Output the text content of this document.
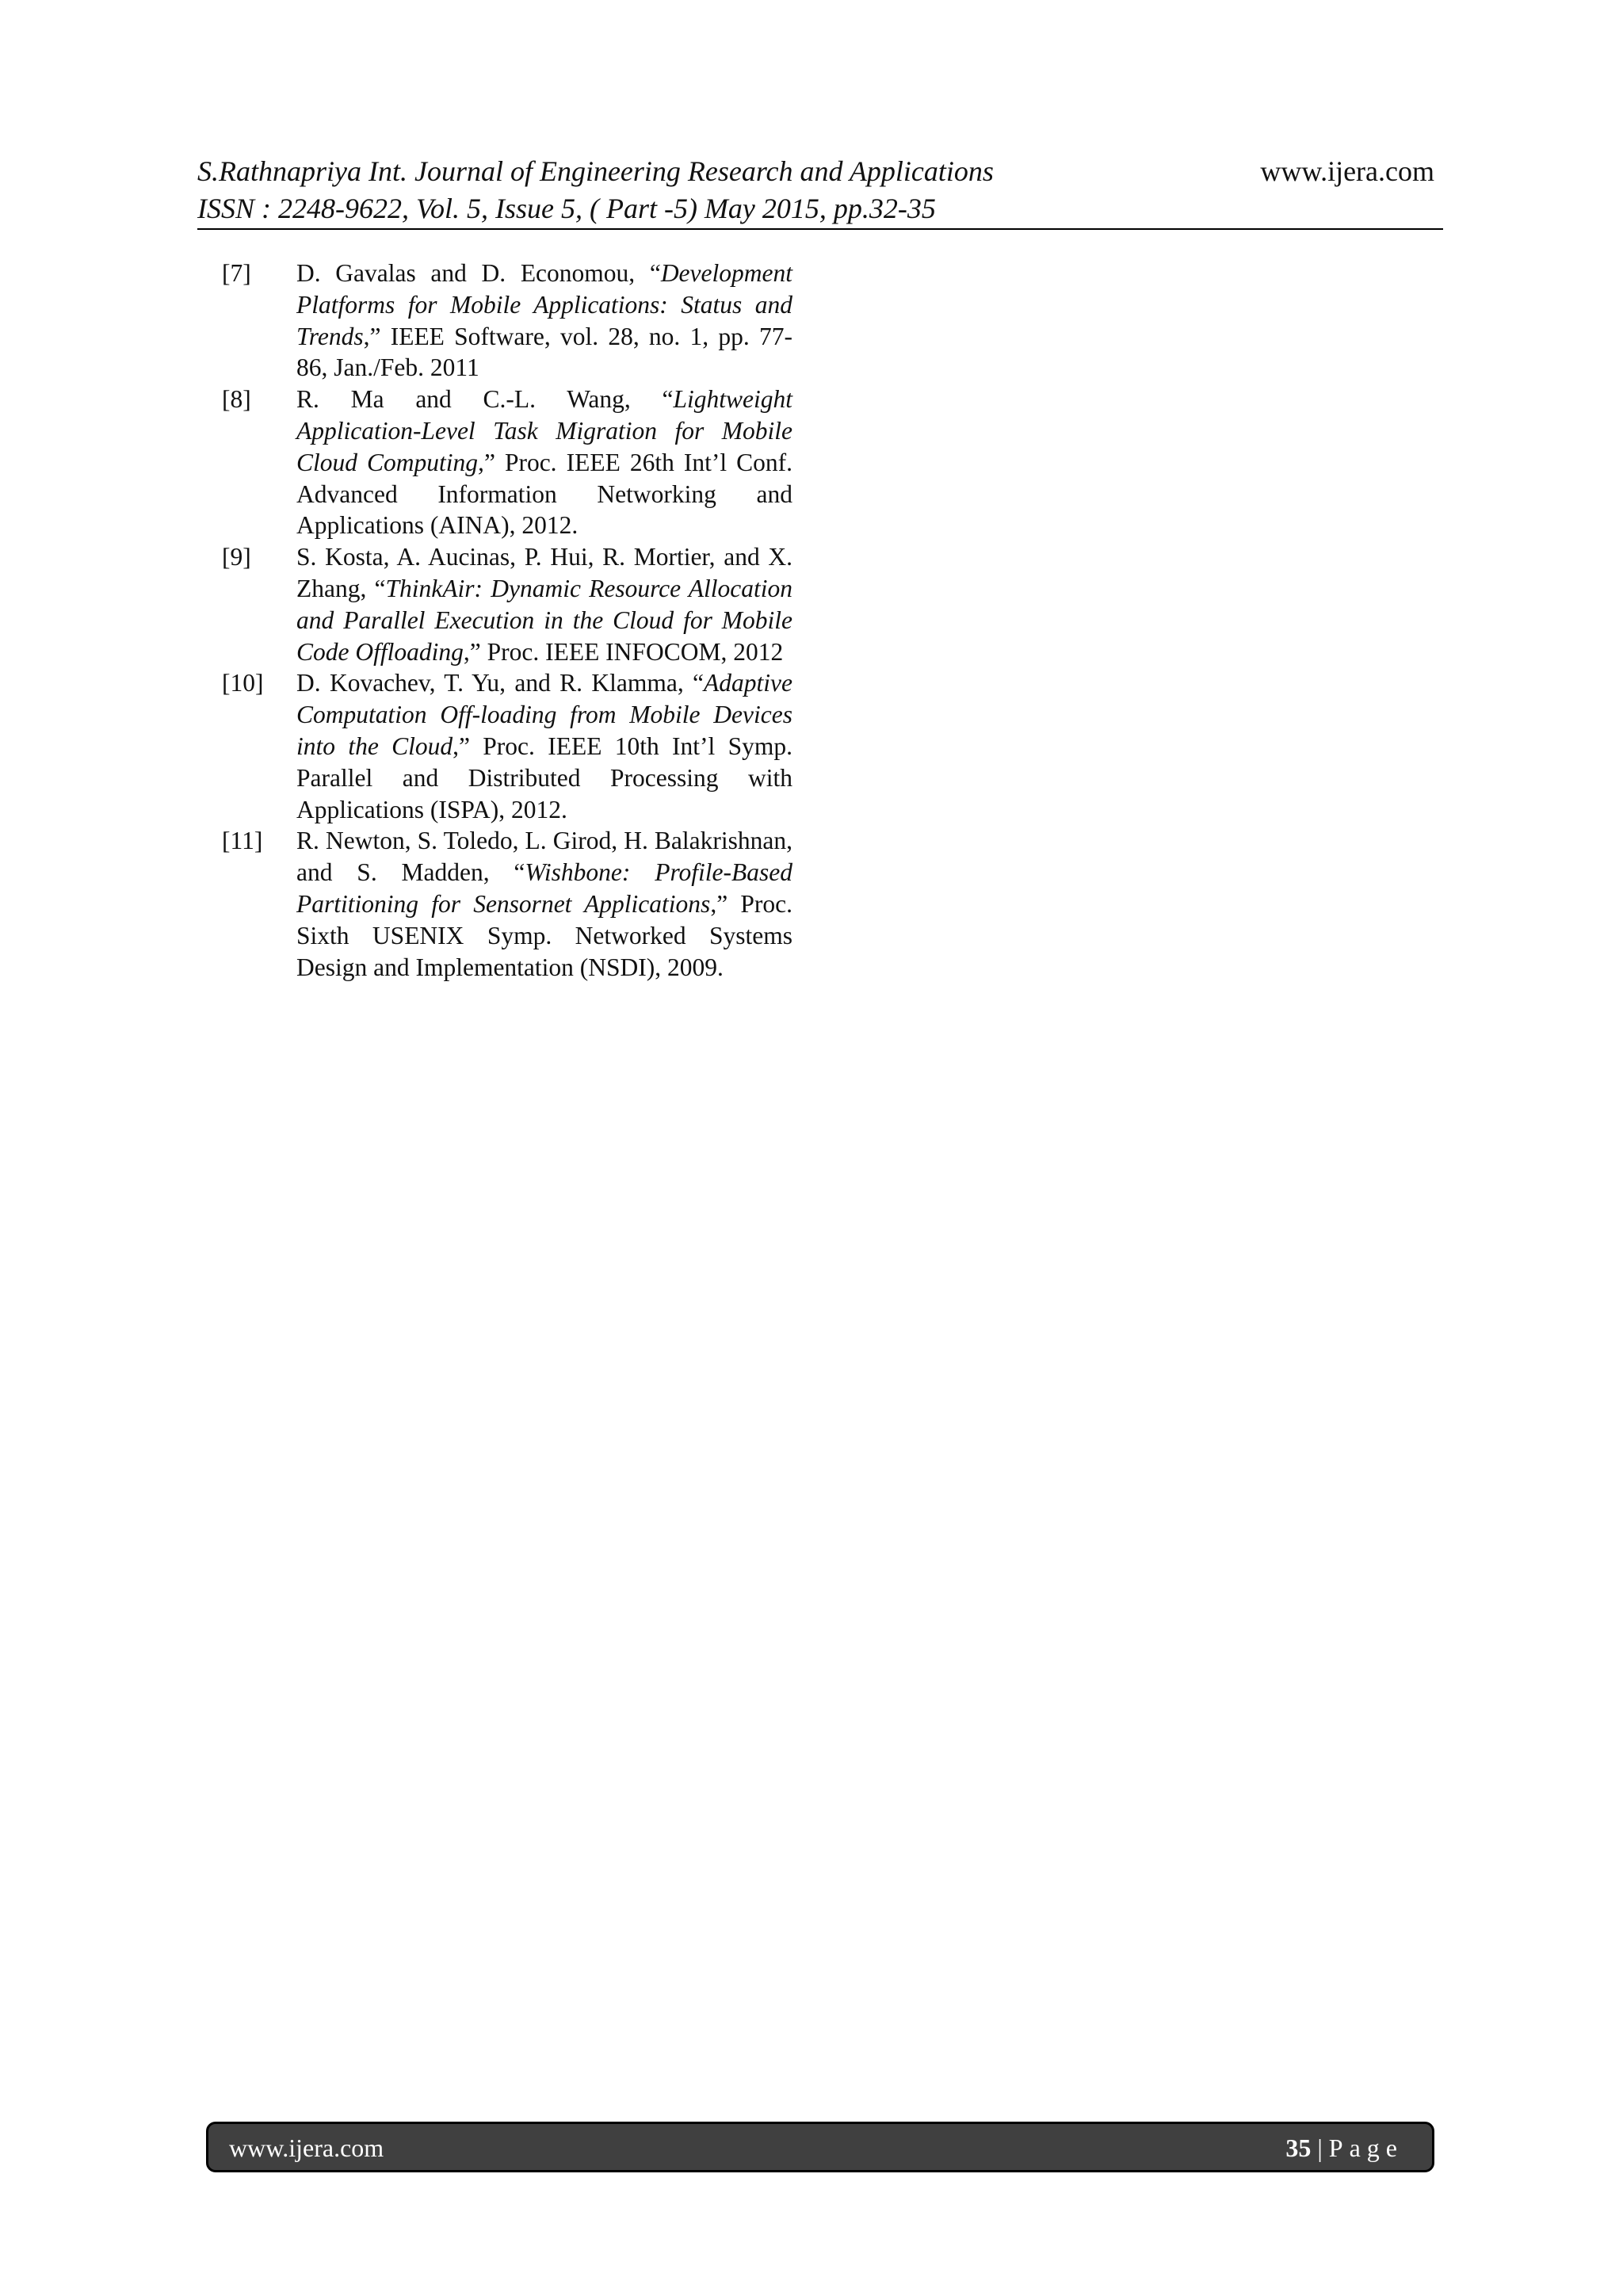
S.Rathnapriya Int. Journal of Engineering Research and Applications
ISSN : 2248-9622, Vol. 5, Issue 5, ( Part -5) May 2015, pp.32-35
www.ijera.com
[7]	D. Gavalas and D. Economou, “Development Platforms for Mobile Applications: Status and Trends,” IEEE Software, vol. 28, no. 1, pp. 77-86, Jan./Feb. 2011
[8]	R. Ma and C.-L. Wang, “Lightweight Application-Level Task Migration for Mobile Cloud Computing,” Proc. IEEE 26th Int’l Conf. Advanced Information Networking and Applications (AINA), 2012.
[9]	S. Kosta, A. Aucinas, P. Hui, R. Mortier, and X. Zhang, “ThinkAir: Dynamic Resource Allocation and Parallel Execution in the Cloud for Mobile Code Offloading,” Proc. IEEE INFOCOM, 2012
[10]	D. Kovachev, T. Yu, and R. Klamma, “Adaptive Computation Off-loading from Mobile Devices into the Cloud,” Proc. IEEE 10th Int’l Symp. Parallel and Distributed Processing with Applications (ISPA), 2012.
[11]	R. Newton, S. Toledo, L. Girod, H. Balakrishnan, and S. Madden, “Wishbone: Profile-Based Partitioning for Sensornet Applications,” Proc. Sixth USENIX Symp. Networked Systems Design and Implementation (NSDI), 2009.
www.ijera.com	35 | Page
